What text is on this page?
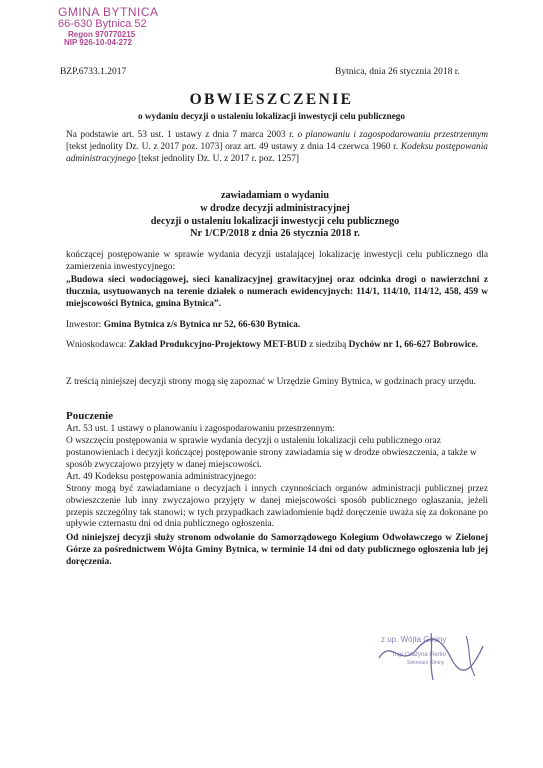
GMINA BYTNICA
66-630 Bytnica 52
Regon 970770215
NIP 926-10-04-272
BZP.6733.1.2017	Bytnica, dnia 26 stycznia 2018 r.
OBWIESZCZENIE
o wydaniu decyzji o ustaleniu lokalizacji inwestycji celu publicznego
Na podstawie art. 53 ust. 1 ustawy z dnia 7 marca 2003 r. o planowaniu i zagospodarowaniu przestrzennym [tekst jednolity Dz. U. z 2017 poz. 1073] oraz art. 49 ustawy z dnia 14 czerwca 1960 r. Kodeksu postępowania administracyjnego [tekst jednolity Dz. U. z 2017 r. poz. 1257]
zawiadamiam o wydaniu
w drodze decyzji administracyjnej
decyzji o ustaleniu lokalizacji inwestycji celu publicznego
Nr 1/CP/2018 z dnia 26 stycznia 2018 r.
kończącej postępowanie w sprawie wydania decyzji ustalającej lokalizację inwestycji celu publicznego dla zamierzenia inwestycyjnego:
„Budowa sieci wodociągowej, sieci kanalizacyjnej grawitacyjnej oraz odcinka drogi o nawierzchni z tłucznia, usytuowanych na terenie działek o numerach ewidencyjnych: 114/1, 114/10, 114/12, 458, 459 w miejscowości Bytnica, gmina Bytnica”.
Inwestor: Gmina Bytnica z/s Bytnica nr 52, 66-630 Bytnica.
Wnioskodawca: Zakład Produkcyjno-Projektowy MET-BUD z siedzibą Dychów nr 1, 66-627 Bobrowice.
Z treścią niniejszej decyzji strony mogą się zapoznać w Urzędzie Gminy Bytnica, w godzinach pracy urzędu.
Pouczenie
Art. 53 ust. 1 ustawy o planowaniu i zagospodarowaniu przestrzennym:
O wszczęciu postępowania w sprawie wydania decyzji o ustaleniu lokalizacji celu publicznego oraz postanowieniach i decyzji kończącej postępowanie strony zawiadamia się w drodze obwieszczenia, a także w sposób zwyczajowo przyjęty w danej miejscowości.
Art. 49 Kodeksu postępowania administracyjnego:
Strony mogą być zawiadamiane o decyzjach i innych czynnościach organów administracji publicznej przez obwieszczenie lub inny zwyczajowo przyjęty w danej miejscowości sposób publicznego ogłaszania, jeżeli przepis szczególny tak stanowi; w tych przypadkach zawiadomienie bądź doręczenie uważa się za dokonane po upływie czternastu dni od dnia publicznego ogłoszenia.
Od niniejszej decyzji służy stronom odwołanie do Samorządowego Kolegium Odwoławczego w Zielonej Górze za pośrednictwem Wójta Gminy Bytnica, w terminie 14 dni od daty publicznego ogłoszenia lub jej doręczenia.
z up. Wójta Gminy
mgr Grażyna Fierko
Sekretarz Gminy
